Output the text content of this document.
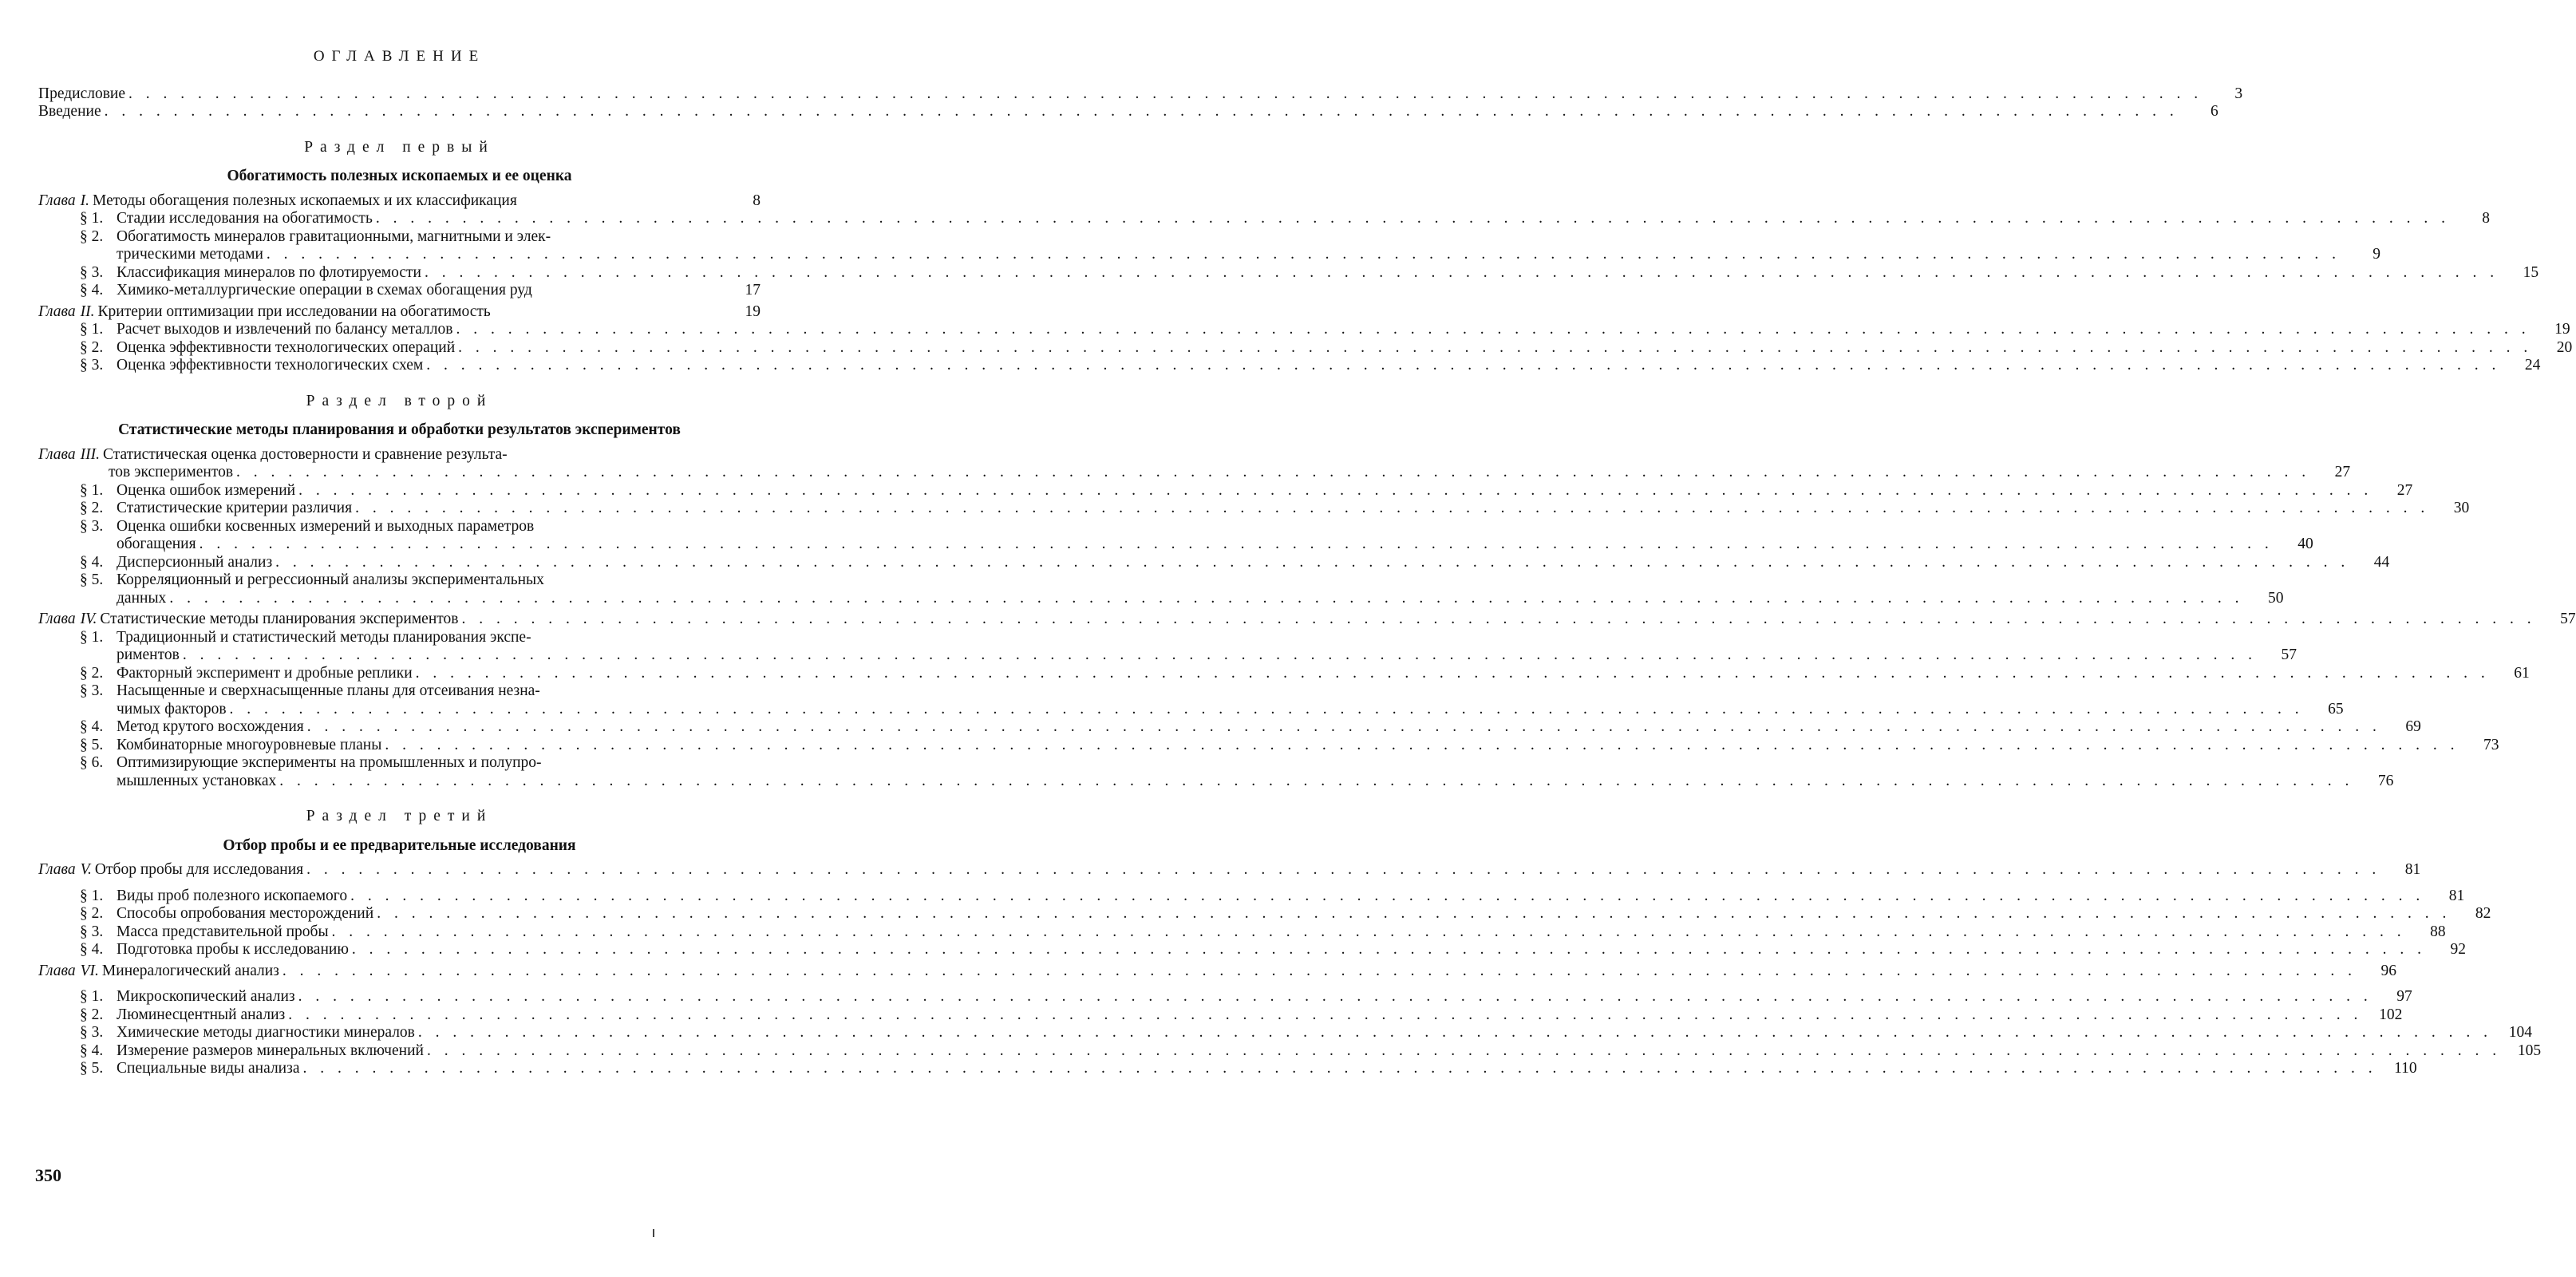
ОГЛАВЛЕНИЕ
Предисловие . . . . . . . . . . . . . . . . . . . . . . . . . . . . . . . . . . . . . . . . . . . . . . . . . . . . . . . . . . . . . . . . . . . . . . . . . . . . . . . . . . . . . . . . . . . . . . . . . . . . . . . . . . . . . . . . . . . . . . . .	3
Введение . . . . . . . . . . . . . . . . . . . . . . . . . . . . . . . . . . . . . . . . . . . . . . . . . . . . . . . . . . . . . . . . . . . . . . . . . . . . . . . . . . . . . . . . . . . . . . . . . . . . . . . . . . . . . . . . . . . . . . . .	6
Раздел первый
Обогатимость полезных ископаемых и ее оценка
Глава I. Методы обогащения полезных ископаемых и их классификация	8
§ 1. Стадии исследования на обогатимость . . . . . . . . . . . . . . . . . . . . . . . . . . . . . . . . . . . . . . . . . . . . . . . . . . . . . . . . . . . . . . . . . . . . . . . . . . . . . . . . . . . . . . . . . . . . . . . . . . . . . . . . . . . . . . . . . . . . . . . .	8
§ 2. Обогатимость минералов гравитационными, магнитными и элек-
трическими методами . . . . . . . . . . . . . . . . . . . . . . . . . . . . . . . . . . . . . . . . . . . . . . . . . . . . . . . . . . . . . . . . . . . . . . . . . . . . . . . . . . . . . . . . . . . . . . . . . . . . . . . . . . . . . . . . . . . . . . . .	9
§ 3. Классификация минералов по флотируемости . . . . . . . . . . . . . . . . . . . . . . . . . . . . . . . . . . . . . . . . . . . . . . . . . . . . . . . . . . . . . . . . . . . . . . . . . . . . . . . . . . . . . . . . . . . . . . . . . . . . . . . . . . . . . . . . . . . . . . . .	15
§ 4. Химико-металлургические операции в схемах обогащения руд	17
Глава II. Критерии оптимизации при исследовании на обогатимость	19
§ 1. Расчет выходов и извлечений по балансу металлов . . . . . . . . . . . . . . . . . . . . . . . . . . . . . . . . . . . . . . . . . . . . . . . . . . . . . . . . . . . . . . . . . . . . . . . . . . . . . . . . . . . . . . . . . . . . . . . . . . . . . . . . . . . . . . . . . . . . . . . .	19
§ 2. Оценка эффективности технологических операций . . . . . . . . . . . . . . . . . . . . . . . . . . . . . . . . . . . . . . . . . . . . . . . . . . . . . . . . . . . . . . . . . . . . . . . . . . . . . . . . . . . . . . . . . . . . . . . . . . . . . . . . . . . . . . . . . . . . . . . .	20
§ 3. Оценка эффективности технологических схем . . . . . . . . . . . . . . . . . . . . . . . . . . . . . . . . . . . . . . . . . . . . . . . . . . . . . . . . . . . . . . . . . . . . . . . . . . . . . . . . . . . . . . . . . . . . . . . . . . . . . . . . . . . . . . . . . . . . . . . .	24
Раздел второй
Статистические методы планирования и обработки результатов экспериментов
Глава III. Статистическая оценка достоверности и сравнение результа-
тов экспериментов . . . . . . . . . . . . . . . . . . . . . . . . . . . . . . . . . . . . . . . . . . . . . . . . . . . . . . . . . . . . . . . . . . . . . . . . . . . . . . . . . . . . . . . . . . . . . . . . . . . . . . . . . . . . . . . . . . . . . . . .	27
§ 1. Оценка ошибок измерений . . . . . . . . . . . . . . . . . . . . . . . . . . . . . . . . . . . . . . . . . . . . . . . . . . . . . . . . . . . . . . . . . . . . . . . . . . . . . . . . . . . . . . . . . . . . . . . . . . . . . . . . . . . . . . . . . . . . . . . .	27
§ 2. Статистические критерии различия . . . . . . . . . . . . . . . . . . . . . . . . . . . . . . . . . . . . . . . . . . . . . . . . . . . . . . . . . . . . . . . . . . . . . . . . . . . . . . . . . . . . . . . . . . . . . . . . . . . . . . . . . . . . . . . . . . . . . . . .	30
§ 3. Оценка ошибки косвенных измерений и выходных параметров
обогащения . . . . . . . . . . . . . . . . . . . . . . . . . . . . . . . . . . . . . . . . . . . . . . . . . . . . . . . . . . . . . . . . . . . . . . . . . . . . . . . . . . . . . . . . . . . . . . . . . . . . . . . . . . . . . . . . . . . . . . . .	40
§ 4. Дисперсионный анализ . . . . . . . . . . . . . . . . . . . . . . . . . . . . . . . . . . . . . . . . . . . . . . . . . . . . . . . . . . . . . . . . . . . . . . . . . . . . . . . . . . . . . . . . . . . . . . . . . . . . . . . . . . . . . . . . . . . . . . . .	44
§ 5. Корреляционный и регрессионный анализы экспериментальных
данных . . . . . . . . . . . . . . . . . . . . . . . . . . . . . . . . . . . . . . . . . . . . . . . . . . . . . . . . . . . . . . . . . . . . . . . . . . . . . . . . . . . . . . . . . . . . . . . . . . . . . . . . . . . . . . . . . . . . . . . .	50
Глава IV. Статистические методы планирования экспериментов . . . . . . . . . . . . . . . . . . . . . . . . . . . . . . . . . . . . . . . . . . . . . . . . . . . . . . . . . . . . . . . . . . . . . . . . . . . . . . . . . . . . . . . . . . . . . . . . . . . . . . . . . . . . . . . . . . . . . . . .	57
§ 1. Традиционный и статистический методы планирования экспе-
риментов . . . . . . . . . . . . . . . . . . . . . . . . . . . . . . . . . . . . . . . . . . . . . . . . . . . . . . . . . . . . . . . . . . . . . . . . . . . . . . . . . . . . . . . . . . . . . . . . . . . . . . . . . . . . . . . . . . . . . . . .	57
§ 2. Факторный эксперимент и дробные реплики . . . . . . . . . . . . . . . . . . . . . . . . . . . . . . . . . . . . . . . . . . . . . . . . . . . . . . . . . . . . . . . . . . . . . . . . . . . . . . . . . . . . . . . . . . . . . . . . . . . . . . . . . . . . . . . . . . . . . . . .	61
§ 3. Насыщенные и сверхнасыщенные планы для отсеивания незна-
чимых факторов . . . . . . . . . . . . . . . . . . . . . . . . . . . . . . . . . . . . . . . . . . . . . . . . . . . . . . . . . . . . . . . . . . . . . . . . . . . . . . . . . . . . . . . . . . . . . . . . . . . . . . . . . . . . . . . . . . . . . . . .	65
§ 4. Метод крутого восхождения . . . . . . . . . . . . . . . . . . . . . . . . . . . . . . . . . . . . . . . . . . . . . . . . . . . . . . . . . . . . . . . . . . . . . . . . . . . . . . . . . . . . . . . . . . . . . . . . . . . . . . . . . . . . . . . . . . . . . . . .	69
§ 5. Комбинаторные многоуровневые планы . . . . . . . . . . . . . . . . . . . . . . . . . . . . . . . . . . . . . . . . . . . . . . . . . . . . . . . . . . . . . . . . . . . . . . . . . . . . . . . . . . . . . . . . . . . . . . . . . . . . . . . . . . . . . . . . . . . . . . . .	73
§ 6. Оптимизирующие эксперименты на промышленных и полупро-
мышленных установках . . . . . . . . . . . . . . . . . . . . . . . . . . . . . . . . . . . . . . . . . . . . . . . . . . . . . . . . . . . . . . . . . . . . . . . . . . . . . . . . . . . . . . . . . . . . . . . . . . . . . . . . . . . . . . . . . . . . . . . .	76
Раздел третий
Отбор пробы и ее предварительные исследования
Глава V. Отбор пробы для исследования . . . . . . . . . . . . . . . . . . . . . . . . . . . . . . . . . . . . . . . . . . . . . . . . . . . . . . . . . . . . . . . . . . . . . . . . . . . . . . . . . . . . . . . . . . . . . . . . . . . . . . . . . . . . . . . . . . . . . . . .	81
§ 1. Виды проб полезного ископаемого . . . . . . . . . . . . . . . . . . . . . . . . . . . . . . . . . . . . . . . . . . . . . . . . . . . . . . . . . . . . . . . . . . . . . . . . . . . . . . . . . . . . . . . . . . . . . . . . . . . . . . . . . . . . . . . . . . . . . . . .	81
§ 2. Способы опробования месторождений . . . . . . . . . . . . . . . . . . . . . . . . . . . . . . . . . . . . . . . . . . . . . . . . . . . . . . . . . . . . . . . . . . . . . . . . . . . . . . . . . . . . . . . . . . . . . . . . . . . . . . . . . . . . . . . . . . . . . . . .	82
§ 3. Масса представительной пробы . . . . . . . . . . . . . . . . . . . . . . . . . . . . . . . . . . . . . . . . . . . . . . . . . . . . . . . . . . . . . . . . . . . . . . . . . . . . . . . . . . . . . . . . . . . . . . . . . . . . . . . . . . . . . . . . . . . . . . . .	88
§ 4. Подготовка пробы к исследованию . . . . . . . . . . . . . . . . . . . . . . . . . . . . . . . . . . . . . . . . . . . . . . . . . . . . . . . . . . . . . . . . . . . . . . . . . . . . . . . . . . . . . . . . . . . . . . . . . . . . . . . . . . . . . . . . . . . . . . . .	92
Глава VI. Минералогический анализ . . . . . . . . . . . . . . . . . . . . . . . . . . . . . . . . . . . . . . . . . . . . . . . . . . . . . . . . . . . . . . . . . . . . . . . . . . . . . . . . . . . . . . . . . . . . . . . . . . . . . . . . . . . . . . . . . . . . . . . .	96
§ 1. Микроскопический анализ . . . . . . . . . . . . . . . . . . . . . . . . . . . . . . . . . . . . . . . . . . . . . . . . . . . . . . . . . . . . . . . . . . . . . . . . . . . . . . . . . . . . . . . . . . . . . . . . . . . . . . . . . . . . . . . . . . . . . . . .	97
§ 2. Люминесцентный анализ . . . . . . . . . . . . . . . . . . . . . . . . . . . . . . . . . . . . . . . . . . . . . . . . . . . . . . . . . . . . . . . . . . . . . . . . . . . . . . . . . . . . . . . . . . . . . . . . . . . . . . . . . . . . . . . . . . . . . . . .	102
§ 3. Химические методы диагностики минералов . . . . . . . . . . . . . . . . . . . . . . . . . . . . . . . . . . . . . . . . . . . . . . . . . . . . . . . . . . . . . . . . . . . . . . . . . . . . . . . . . . . . . . . . . . . . . . . . . . . . . . . . . . . . . . . . . . . . . . . .	104
§ 4. Измерение размеров минеральных включений . . . . . . . . . . . . . . . . . . . . . . . . . . . . . . . . . . . . . . . . . . . . . . . . . . . . . . . . . . . . . . . . . . . . . . . . . . . . . . . . . . . . . . . . . . . . . . . . . . . . . . . . . . . . . . . . . . . . . . . .	105
§ 5. Специальные виды анализа . . . . . . . . . . . . . . . . . . . . . . . . . . . . . . . . . . . . . . . . . . . . . . . . . . . . . . . . . . . . . . . . . . . . . . . . . . . . . . . . . . . . . . . . . . . . . . . . . . . . . . . . . . . . . . . . . . . . . . . .	110
350
